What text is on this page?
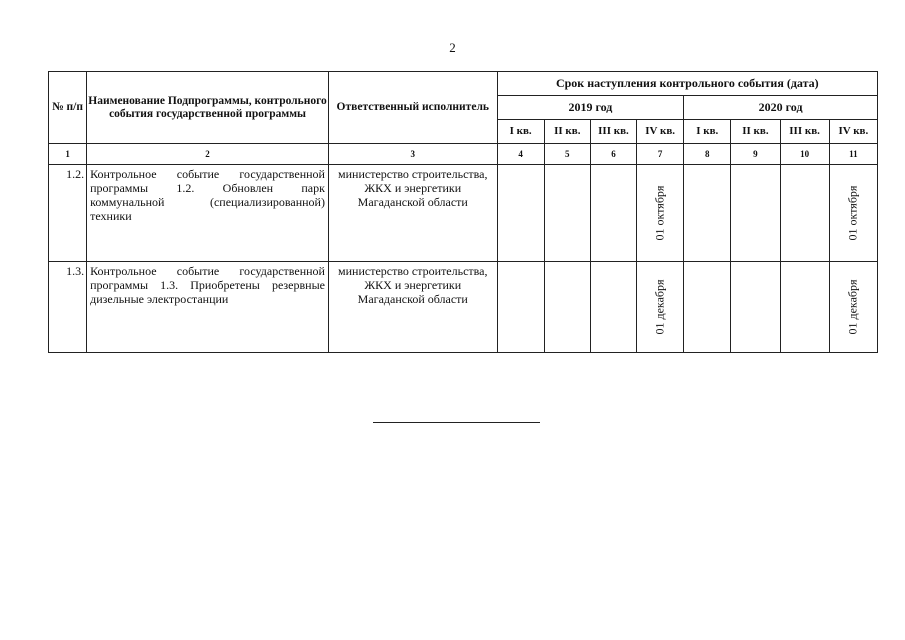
2
№ п/п	Наименование Подпрограммы, контрольного события государственной программы	Ответственный исполнитель	Срок наступления контрольного события (дата)							
			2019 год				2020 год			
			I кв.	II кв.	III кв.	IV кв.	I кв.	II кв.	III кв.	IV кв.
1	2	3	4	5	6	7	8	9	10	11
1.2.	Контрольное событие государственной программы 1.2. Обновлен парк коммунальной (специализированной) техники	министерство строительства, ЖКХ и энергетики Магаданской области				01 октября				01 октября

1.3.	Контрольное событие государственной программы 1.3. Приобретены резервные дизельные электростанции	министерство строительства, ЖКХ и энергетики Магаданской области				01 декабря				01 декабря
